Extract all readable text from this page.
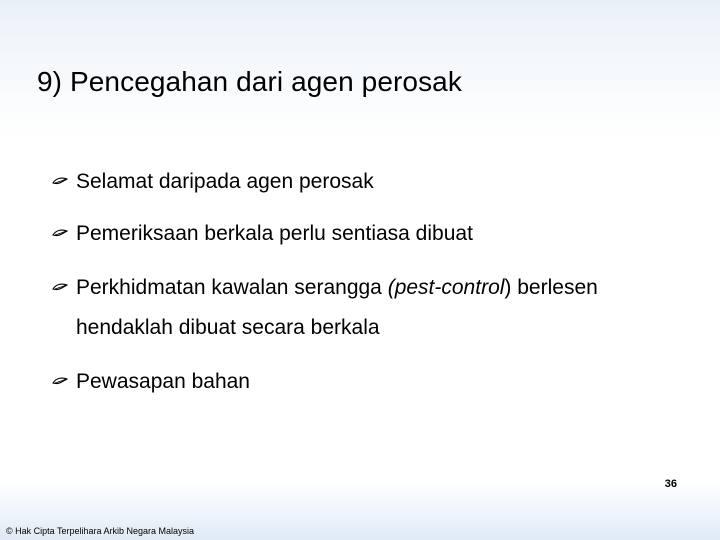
9) Pencegahan dari agen perosak
Selamat daripada agen perosak
Pemeriksaan berkala perlu sentiasa dibuat
Perkhidmatan kawalan serangga (pest-control) berlesen hendaklah dibuat secara berkala
Pewasapan bahan
36
© Hak Cipta Terpelihara Arkib Negara Malaysia
